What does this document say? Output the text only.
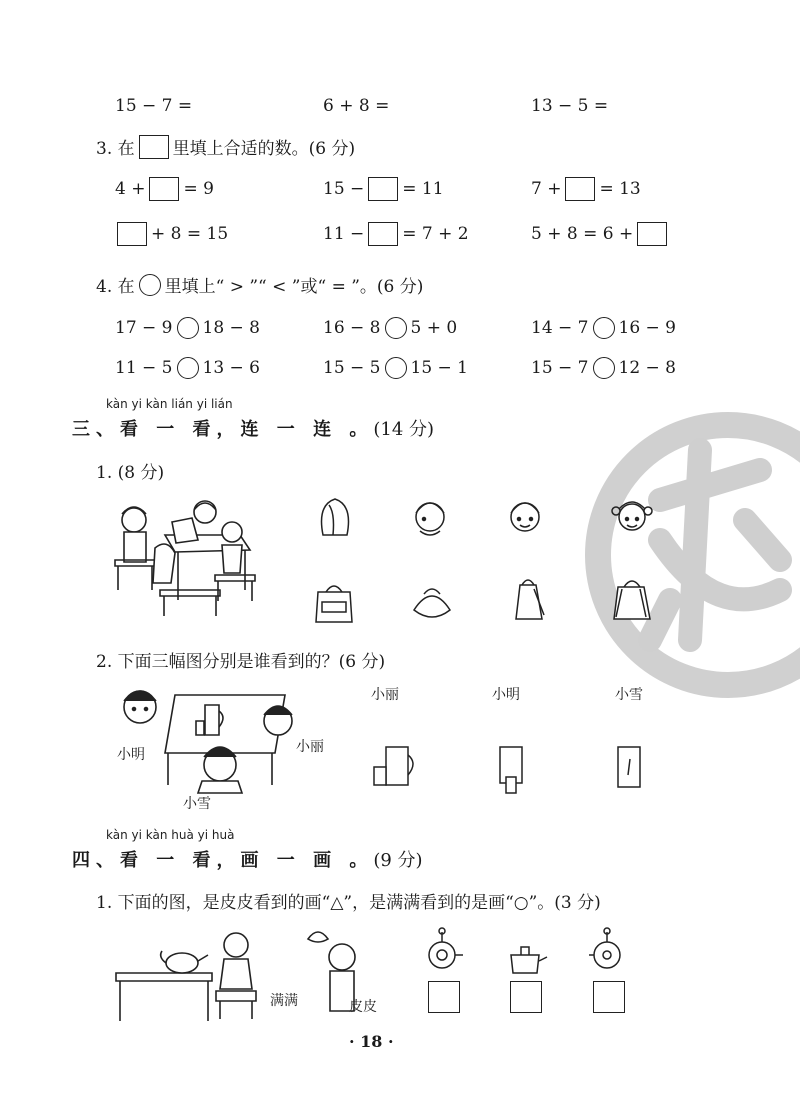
15 − 7 =	6 + 8 =	13 − 5 =
3. 在 里填上合适的数。(6 分)
4 + = 9	15 − = 11	7 + = 13
+ 8 = 15	11 − = 7 + 2	5 + 8 = 6 +
4. 在 里填上“ > ”“ < ”或“ = ”。(6 分)
17 − 9 18 − 8	16 − 8 5 + 0	14 − 7 16 − 9
11 − 5 13 − 6	15 − 5 15 − 1	15 − 7 12 − 8
kàn yi kàn lián yi lián
三、看 一 看，连 一 连 。(14 分)
1. (8 分)
2. 下面三幅图分别是谁看到的？(6 分)
小明	小丽
小雪
小丽	小明	小雪
kàn yi kàn huà yi huà
四、看 一 看，画 一 画 。(9 分)
1. 下面的图，是皮皮看到的画“△”，是满满看到的是画“○”。(3 分)
满满	皮皮
· 18 ·
